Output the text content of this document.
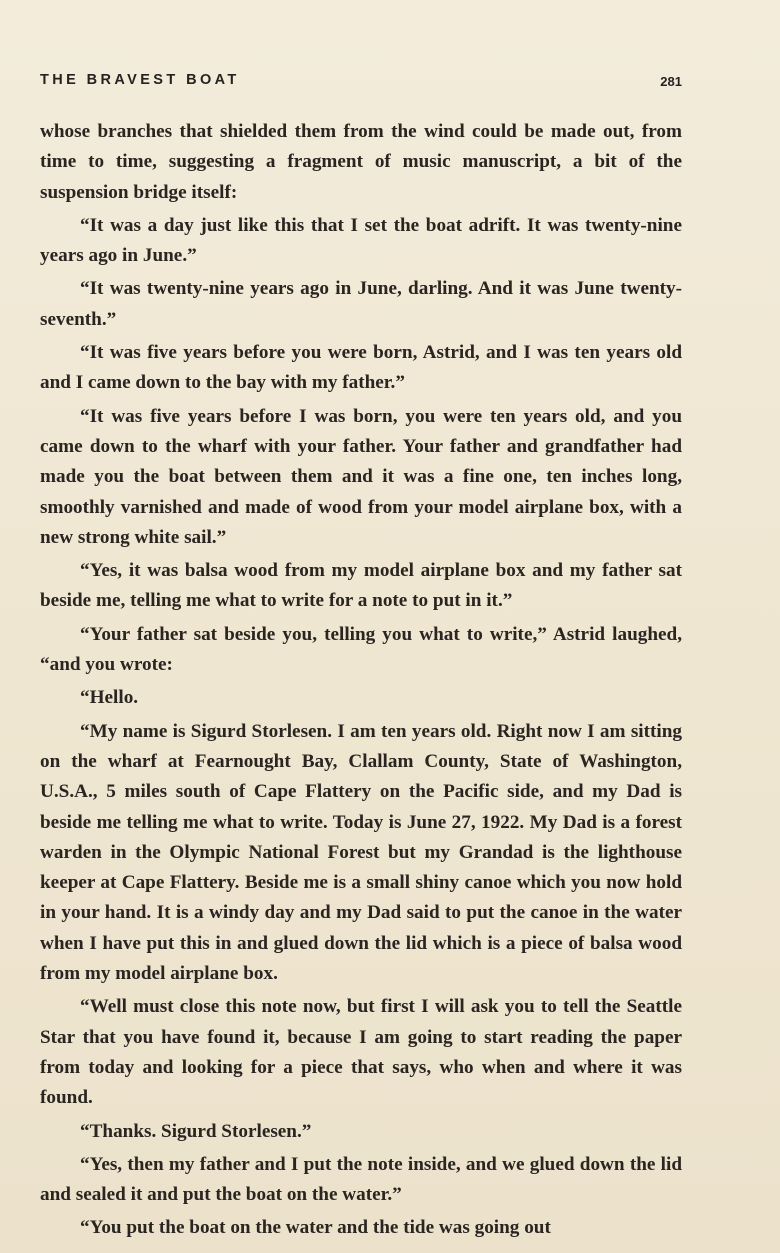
THE BRAVEST BOAT	281

whose branches that shielded them from the wind could be made out, from time to time, suggesting a fragment of music manuscript, a bit of the suspension bridge itself:

“It was a day just like this that I set the boat adrift. It was twenty-nine years ago in June.”

“It was twenty-nine years ago in June, darling. And it was June twenty-seventh.”

“It was five years before you were born, Astrid, and I was ten years old and I came down to the bay with my father.”

“It was five years before I was born, you were ten years old, and you came down to the wharf with your father. Your father and grandfather had made you the boat between them and it was a fine one, ten inches long, smoothly varnished and made of wood from your model airplane box, with a new strong white sail.”

“Yes, it was balsa wood from my model airplane box and my father sat beside me, telling me what to write for a note to put in it.”

“Your father sat beside you, telling you what to write,” Astrid laughed, “and you wrote:

“Hello.

“My name is Sigurd Storlesen. I am ten years old. Right now I am sitting on the wharf at Fearnought Bay, Clallam County, State of Washington, U.S.A., 5 miles south of Cape Flattery on the Pacific side, and my Dad is beside me telling me what to write. Today is June 27, 1922. My Dad is a forest warden in the Olympic National Forest but my Grandad is the lighthouse keeper at Cape Flattery. Beside me is a small shiny canoe which you now hold in your hand. It is a windy day and my Dad said to put the canoe in the water when I have put this in and glued down the lid which is a piece of balsa wood from my model airplane box.

“Well must close this note now, but first I will ask you to tell the Seattle Star that you have found it, because I am going to start reading the paper from today and looking for a piece that says, who when and where it was found.

“Thanks. Sigurd Storlesen.”

“Yes, then my father and I put the note inside, and we glued down the lid and sealed it and put the boat on the water.”

“You put the boat on the water and the tide was going out
